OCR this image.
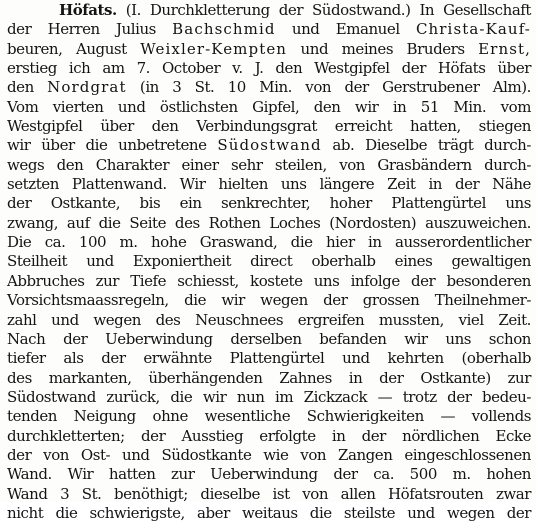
Höfats. (I. Durchkletterung der Südostwand.) In Gesellschaft
der Herren Julius Bachschmid und Emanuel Christa-Kauf-
beuren, August Weixler-Kempten und meines Bruders Ernst,
erstieg ich am 7. October v. J. den Westgipfel der Höfats über
den Nordgrat (in 3 St. 10 Min. von der Gerstrubener Alm).
Vom vierten und östlichsten Gipfel, den wir in 51 Min. vom
Westgipfel über den Verbindungsgrat erreicht hatten, stiegen
wir über die unbetretene Südostwand ab. Dieselbe trägt durch-
wegs den Charakter einer sehr steilen, von Grasbändern durch-
setzten Plattenwand. Wir hielten uns längere Zeit in der Nähe
der Ostkante, bis ein senkrechter, hoher Plattengürtel uns
zwang, auf die Seite des Rothen Loches (Nordosten) auszuweichen.
Die ca. 100 m. hohe Graswand, die hier in ausserordentlicher
Steilheit und Exponiertheit direct oberhalb eines gewaltigen
Abbruches zur Tiefe schiesst, kostete uns infolge der besonderen
Vorsichtsmaassregeln, die wir wegen der grossen Theilnehmer-
zahl und wegen des Neuschnees ergreifen mussten, viel Zeit.
Nach der Ueberwindung derselben befanden wir uns schon
tiefer als der erwähnte Plattengürtel und kehrten (oberhalb
des markanten, überhängenden Zahnes in der Ostkante) zur
Südostwand zurück, die wir nun im Zickzack — trotz der bedeu-
tenden Neigung ohne wesentliche Schwierigkeiten — vollends
durchkletterten; der Ausstieg erfolgte in der nördlichen Ecke
der von Ost- und Südostkante wie von Zangen eingeschlossenen
Wand. Wir hatten zur Ueberwindung der ca. 500 m. hohen
Wand 3 St. benöthigt; dieselbe ist von allen Höfatsrouten zwar
nicht die schwierigste, aber weitaus die steilste und wegen der
